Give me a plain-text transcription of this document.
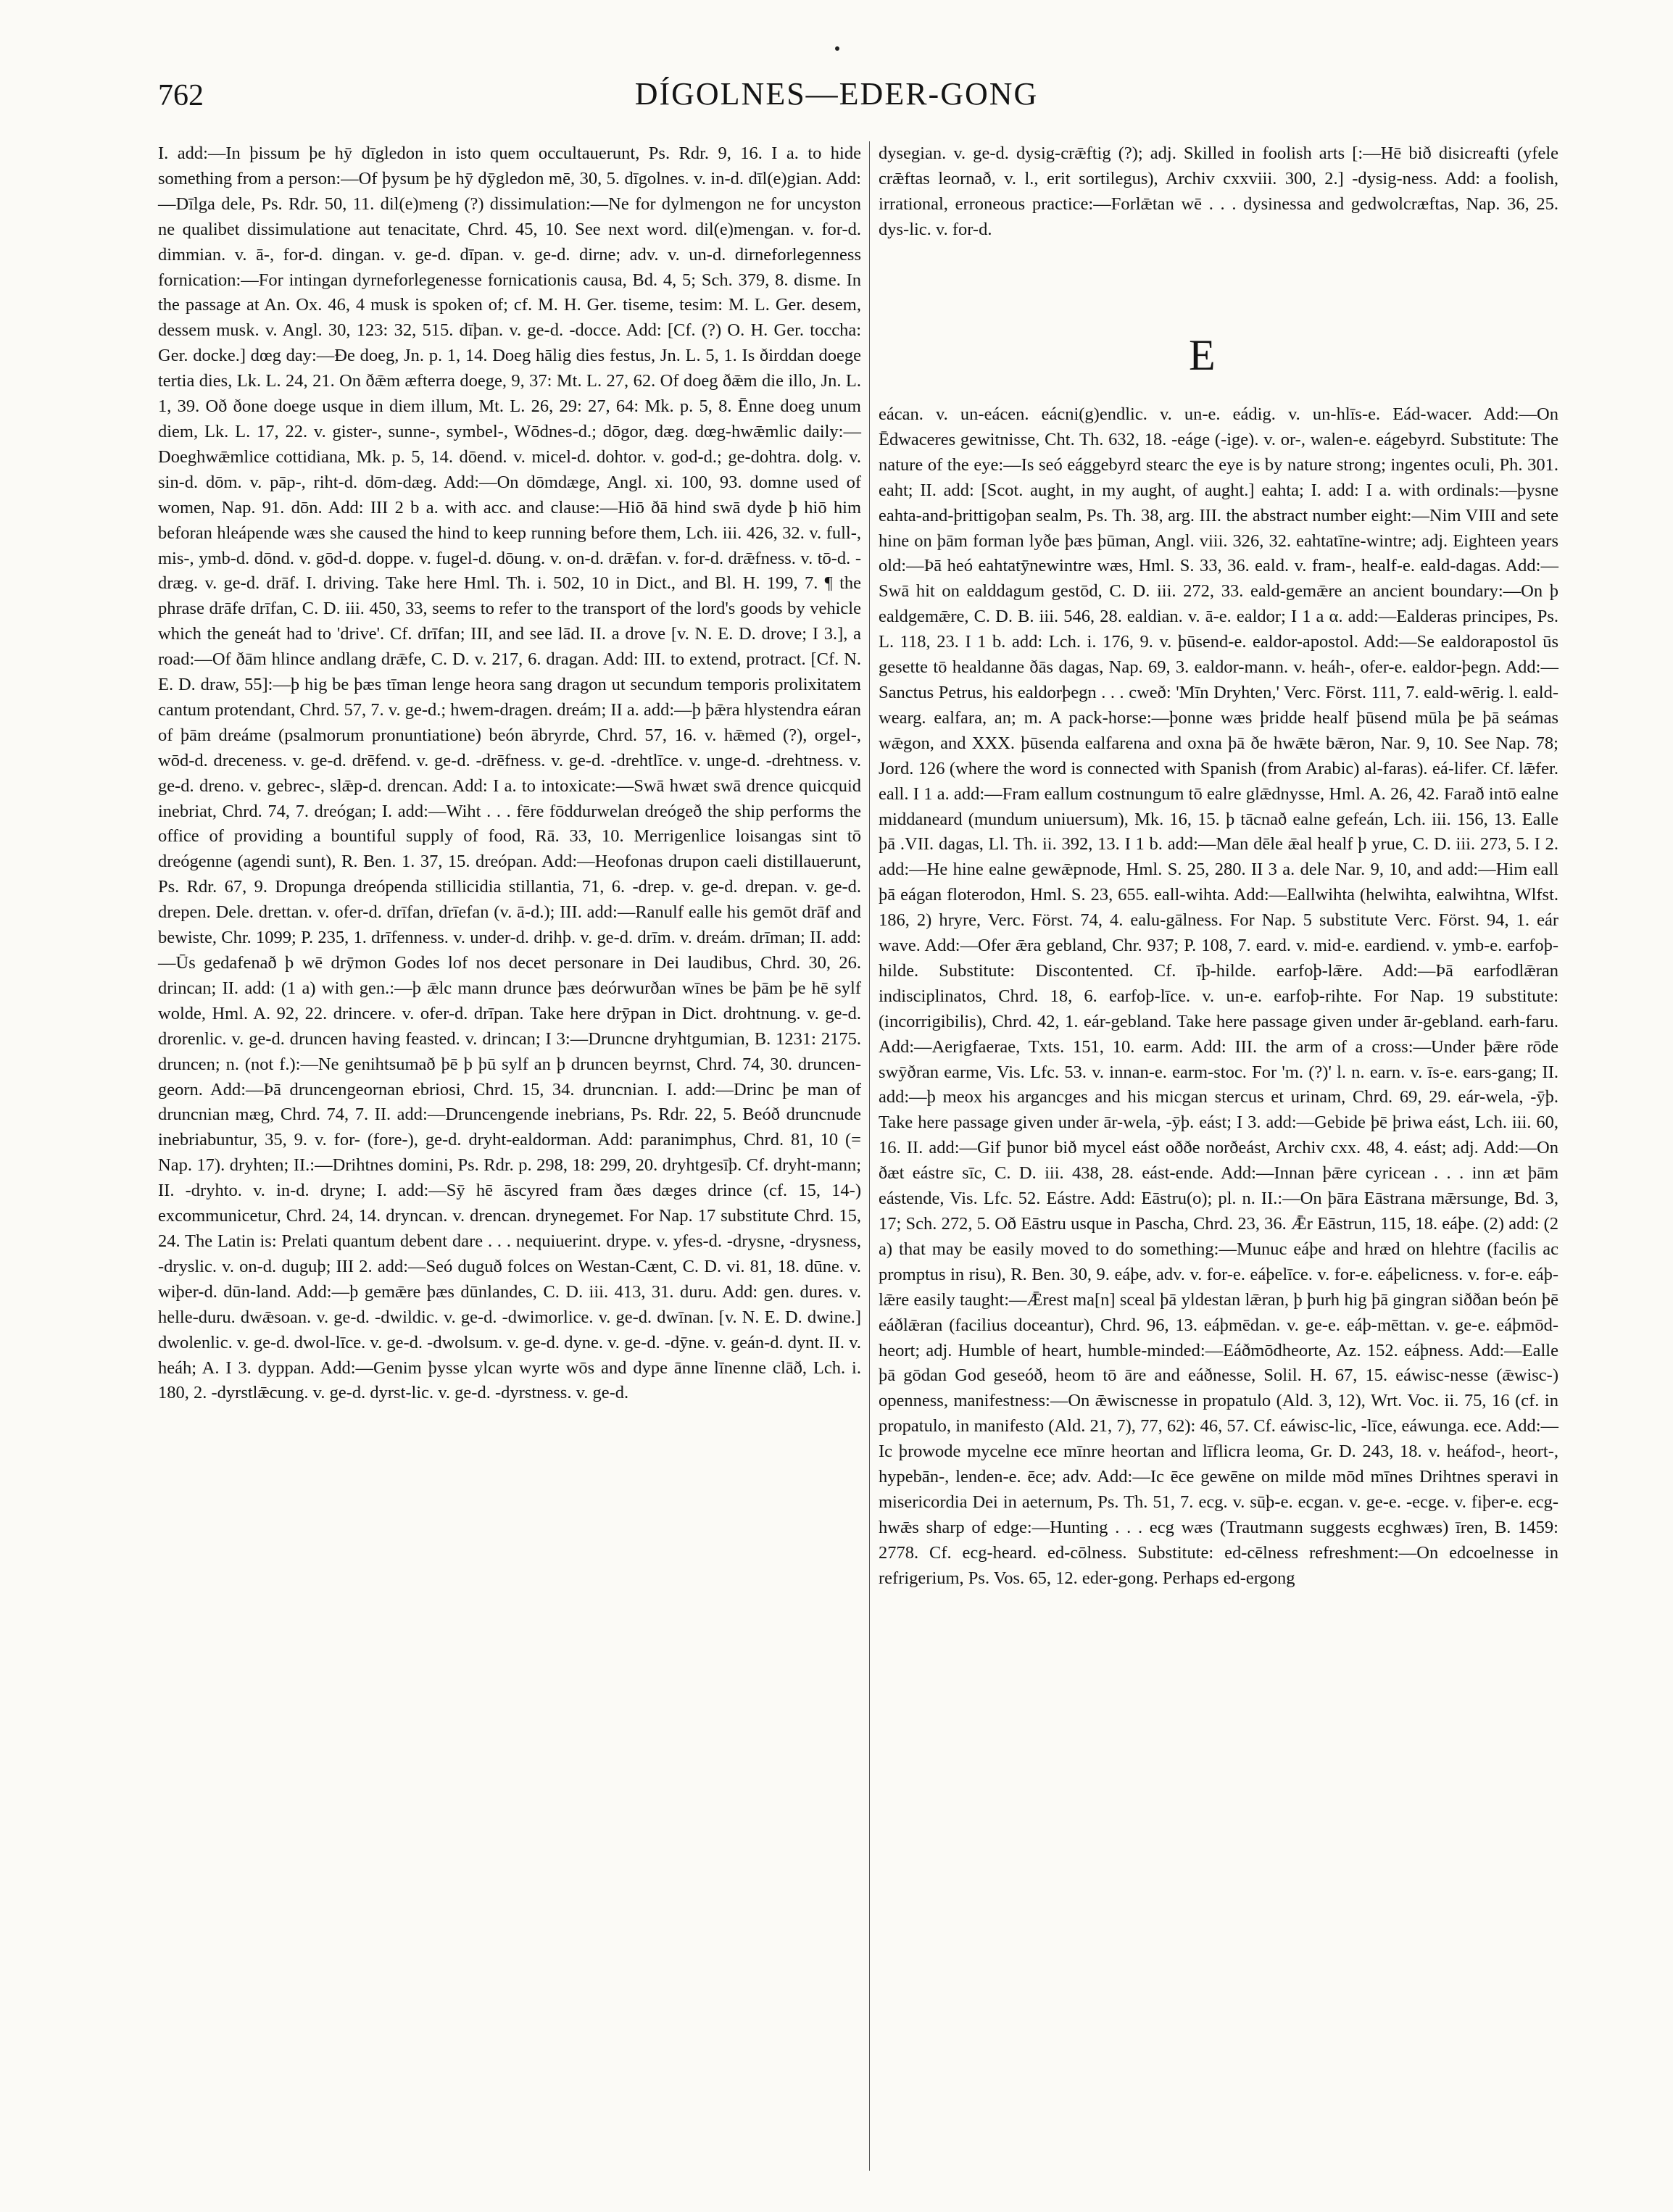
762	DÍGOLNES—EDER-GONG

I. add:—In þissum þe hȳ dīgledon in isto quem occultauerunt, Ps. Rdr. 9, 16. I a. to hide something from a person:—Of þysum þe hȳ dȳgledon mē, 30, 5. dīgolnes. v. in-d. dīl(e)gian. Add:—Dīlga dele, Ps. Rdr. 50, 11. dil(e)meng (?) dissimulation:—Ne for dylmengon ne for uncyston ne qualibet dissimulatione aut tenacitate, Chrd. 45, 10. See next word. dil(e)mengan. v. for-d. dimmian. v. ā-, for-d. dingan. v. ge-d. dīpan. v. ge-d. dirne; adv. v. un-d. dirneforlegenness fornication:—For intingan dyrneforlegenesse fornicationis causa, Bd. 4, 5; Sch. 379, 8. disme. In the passage at An. Ox. 46, 4 musk is spoken of; cf. M. H. Ger. tiseme, tesim: M. L. Ger. desem, dessem musk. v. Angl. 30, 123: 32, 515. dīþan. v. ge-d. -docce. Add: [Cf. (?) O. H. Ger. toccha: Ger. docke.] dœg day:—Ðe doeg, Jn. p. 1, 14. Doeg hālig dies festus, Jn. L. 5, 1. Is ðirddan doege tertia dies, Lk. L. 24, 21. On ðǣm æfterra doege, 9, 37: Mt. L. 27, 62. Of doeg ðǣm die illo, Jn. L. 1, 39. Oð ðone doege usque in diem illum, Mt. L. 26, 29: 27, 64: Mk. p. 5, 8. Ēnne doeg unum diem, Lk. L. 17, 22. v. gister-, sunne-, symbel-, Wōdnes-d.; dōgor, dæg. dœg-hwǣmlic daily:—Doeghwǣmlice cottidiana, Mk. p. 5, 14. dōend. v. micel-d. dohtor. v. god-d.; ge-dohtra. dolg. v. sin-d. dōm. v. pāp-, riht-d. dōm-dæg. Add:—On dōmdæge, Angl. xi. 100, 93. domne used of women, Nap. 91. dōn. Add: III 2 b a. with acc. and clause:—Hiō ðā hind swā dyde þ hiō him beforan hleápende wæs she caused the hind to keep running before them, Lch. iii. 426, 32. v. full-, mis-, ymb-d. dōnd. v. gōd-d. doppe. v. fugel-d. dōung. v. on-d. drǣfan. v. for-d. drǣfness. v. tō-d. -dræg. v. ge-d. drāf. I. driving. Take here Hml. Th. i. 502, 10 in Dict., and Bl. H. 199, 7. ¶ the phrase drāfe drīfan, C. D. iii. 450, 33, seems to refer to the transport of the lord's goods by vehicle which the geneát had to 'drive'. Cf. drīfan; III, and see lād. II. a drove [v. N. E. D. drove; I 3.], a road:—Of ðām hlince andlang drǣfe, C. D. v. 217, 6. dragan. Add: III. to extend, protract. [Cf. N. E. D. draw, 55]:—þ hig be þæs tīman lenge heora sang dragon ut secundum temporis prolixitatem cantum protendant, Chrd. 57, 7. v. ge-d.; hwem-dragen. dreám; II a. add:—þ þǣra hlystendra eáran of þām dreáme (psalmorum pronuntiatione) beón ābryrde, Chrd. 57, 16. v. hǣmed (?), orgel-, wōd-d. dreceness. v. ge-d. drēfend. v. ge-d. -drēfness. v. ge-d. -drehtlīce. v. unge-d. -drehtness. v. ge-d. dreno. v. gebrec-, slǣp-d. drencan. Add: I a. to intoxicate:—Swā hwæt swā drence quicquid inebriat, Chrd. 74, 7. dreógan; I. add:—Wiht . . . fēre fōddurwelan dreógeð the ship performs the office of providing a bountiful supply of food, Rā. 33, 10. Merrigenlice loisangas sint tō dreógenne (agendi sunt), R. Ben. 1. 37, 15. dreópan. Add:—Heofonas drupon caeli distillauerunt, Ps. Rdr. 67, 9. Dropunga dreópenda stillicidia stillantia, 71, 6. -drep. v. ge-d. drepan. v. ge-d. drepen. Dele. drettan. v. ofer-d. drīfan, drīefan (v. ā-d.); III. add:—Ranulf ealle his gemōt drāf and bewiste, Chr. 1099; P. 235, 1. drīfenness. v. under-d. drihþ. v. ge-d. drīm. v. dreám. drīman; II. add:—Ūs gedafenað þ wē drȳmon Godes lof nos decet personare in Dei laudibus, Chrd. 30, 26. drincan; II. add: (1 a) with gen.:—þ ǣlc mann drunce þæs deórwurðan wīnes be þām þe hē sylf wolde, Hml. A. 92, 22. drincere. v. ofer-d. drīpan. Take here drȳpan in Dict. drohtnung. v. ge-d. drorenlic. v. ge-d. druncen having feasted. v. drincan; I 3:—Druncne dryhtgumian, B. 1231: 2175. druncen; n. (not f.):—Ne genihtsumað þē þ þū sylf an þ druncen beyrnst, Chrd. 74, 30. druncen-georn. Add:—Þā druncengeornan ebriosi, Chrd. 15, 34. druncnian. I. add:—Drinc þe man of druncnian mæg, Chrd. 74, 7. II. add:—Druncengende inebrians, Ps. Rdr. 22, 5. Beóð druncnude inebriabuntur, 35, 9. v. for- (fore-), ge-d. dryht-ealdorman. Add: paranimphus, Chrd. 81, 10 (= Nap. 17). dryhten; II.:—Drihtnes domini, Ps. Rdr. p. 298, 18: 299, 20. dryhtgesīþ. Cf. dryht-mann; II. -dryhto. v. in-d. dryne; I. add:—Sȳ hē āscyred fram ðæs dæges drince (cf. 15, 14-) excommunicetur, Chrd. 24, 14. dryncan. v. drencan. drynegemet. For Nap. 17 substitute Chrd. 15, 24. The Latin is: Prelati quantum debent dare . . . nequiuerint. drype. v. yfes-d. -drysne, -drysness, -dryslic. v. on-d. duguþ; III 2. add:—Seó duguð folces on Westan-Cænt, C. D. vi. 81, 18. dūne. v. wiþer-d. dūn-land. Add:—þ gemǣre þæs dūnlandes, C. D. iii. 413, 31. duru. Add: gen. dures. v. helle-duru. dwǣsoan. v. ge-d. -dwildic. v. ge-d. -dwimorlice. v. ge-d. dwīnan. [v. N. E. D. dwine.] dwolenlic. v. ge-d. dwol-līce. v. ge-d. -dwolsum. v. ge-d. dyne. v. ge-d. -dȳne. v. geán-d. dynt. II. v. heáh; A. I 3. dyppan. Add:—Genim þysse ylcan wyrte wōs and dype ānne līnenne clāð, Lch. i. 180, 2. -dyrstlǣcung. v. ge-d. dyrst-lic. v. ge-d. -dyrstness. v. ge-d.

dysegian. v. ge-d. dysig-crǣftig (?); adj. Skilled in foolish arts [:—Hē bið disicreafti (yfele crǣftas leornað, v. l., erit sortilegus), Archiv cxxviii. 300, 2.] -dysig-ness. Add: a foolish, irrational, erroneous practice:—Forlǣtan wē . . . dysinessa and gedwolcræftas, Nap. 36, 25. dys-lic. v. for-d.

E

eácan. v. un-eácen. eácni(g)endlic. v. un-e. eádig. v. un-hlīs-e. Eád-wacer. Add:—On Ēdwaceres gewitnisse, Cht. Th. 632, 18. -eáge (-ige). v. or-, walen-e. eágebyrd. Substitute: The nature of the eye:—Is seó eággebyrd stearc the eye is by nature strong; ingentes oculi, Ph. 301. eaht; II. add: [Scot. aught, in my aught, of aught.] eahta; I. add: I a. with ordinals:—þysne eahta-and-þrittigoþan sealm, Ps. Th. 38, arg. III. the abstract number eight:—Nim VIII and sete hine on þām forman lyðe þæs þūman, Angl. viii. 326, 32. eahtatīne-wintre; adj. Eighteen years old:—Þā heó eahtatȳnewintre wæs, Hml. S. 33, 36. eald. v. fram-, healf-e. eald-dagas. Add:—Swā hit on ealddagum gestōd, C. D. iii. 272, 33. eald-gemǣre an ancient boundary:—On þ ealdgemǣre, C. D. B. iii. 546, 28. ealdian. v. ā-e. ealdor; I 1 a α. add:—Ealderas principes, Ps. L. 118, 23. I 1 b. add: Lch. i. 176, 9. v. þūsend-e. ealdor-apostol. Add:—Se ealdorapostol ūs gesette tō healdanne ðās dagas, Nap. 69, 3. ealdor-mann. v. heáh-, ofer-e. ealdor-þegn. Add:—Sanctus Petrus, his ealdorþegn . . . cweð: 'Mīn Dryhten,' Verc. Först. 111, 7. eald-wērig. l. eald-wearg. ealfara, an; m. A pack-horse:—þonne wæs þridde healf þūsend mūla þe þā seámas wǣgon, and XXX. þūsenda ealfarena and oxna þā ðe hwǣte bǣron, Nar. 9, 10. See Nap. 78; Jord. 126 (where the word is connected with Spanish (from Arabic) al-faras). eá-lifer. Cf. lǣfer. eall. I 1 a. add:—Fram eallum costnungum tō ealre glǣdnysse, Hml. A. 26, 42. Farað intō ealne middaneard (mundum uniuersum), Mk. 16, 15. þ tācnað ealne gefeán, Lch. iii. 156, 13. Ealle þā .VII. dagas, Ll. Th. ii. 392, 13. I 1 b. add:—Man dēle ǣal healf þ yrue, C. D. iii. 273, 5. I 2. add:—He hine ealne gewǣpnode, Hml. S. 25, 280. II 3 a. dele Nar. 9, 10, and add:—Him eall þā eágan floterodon, Hml. S. 23, 655. eall-wihta. Add:—Eallwihta (helwihta, ealwihtna, Wlfst. 186, 2) hryre, Verc. Först. 74, 4. ealu-gālness. For Nap. 5 substitute Verc. Först. 94, 1. eár wave. Add:—Ofer ǣra gebland, Chr. 937; P. 108, 7. eard. v. mid-e. eardiend. v. ymb-e. earfoþ-hilde. Substitute: Discontented. Cf. īþ-hilde. earfoþ-lǣre. Add:—Þā earfodlǣran indisciplinatos, Chrd. 18, 6. earfoþ-līce. v. un-e. earfoþ-rihte. For Nap. 19 substitute: (incorrigibilis), Chrd. 42, 1. eár-gebland. Take here passage given under ār-gebland. earh-faru. Add:—Aerigfaerae, Txts. 151, 10. earm. Add: III. the arm of a cross:—Under þǣre rōde swȳðran earme, Vis. Lfc. 53. v. innan-e. earm-stoc. For 'm. (?)' l. n. earn. v. īs-e. ears-gang; II. add:—þ meox his argancges and his micgan stercus et urinam, Chrd. 69, 29. eár-wela, -ȳþ. Take here passage given under ār-wela, -ȳþ. eást; I 3. add:—Gebide þē þriwa eást, Lch. iii. 60, 16. II. add:—Gif þunor bið mycel eást oððe norðeást, Archiv cxx. 48, 4. eást; adj. Add:—On ðæt eástre sīc, C. D. iii. 438, 28. eást-ende. Add:—Innan þǣre cyricean . . . inn æt þām eástende, Vis. Lfc. 52. Eástre. Add: Eāstru(o); pl. n. II.:—On þāra Eāstrana mǣrsunge, Bd. 3, 17; Sch. 272, 5. Oð Eāstru usque in Pascha, Chrd. 23, 36. Ǣr Eāstrun, 115, 18. eáþe. (2) add: (2 a) that may be easily moved to do something:—Munuc eáþe and hræd on hlehtre (facilis ac promptus in risu), R. Ben. 30, 9. eáþe, adv. v. for-e. eáþelīce. v. for-e. eáþelicness. v. for-e. eáþ-lǣre easily taught:—Ǣrest ma[n] sceal þā yldestan lǣran, þ þurh hig þā gingran siððan beón þē eáðlǣran (facilius doceantur), Chrd. 96, 13. eáþmēdan. v. ge-e. eáþ-mēttan. v. ge-e. eáþmōd-heort; adj. Humble of heart, humble-minded:—Eáðmōdheorte, Az. 152. eáþness. Add:—Ealle þā gōdan God geseóð, heom tō āre and eáðnesse, Solil. H. 67, 15. eáwisc-nesse (ǣwisc-) openness, manifestness:—On ǣwiscnesse in propatulo (Ald. 3, 12), Wrt. Voc. ii. 75, 16 (cf. in propatulo, in manifesto (Ald. 21, 7), 77, 62): 46, 57. Cf. eáwisc-lic, -līce, eáwunga. ece. Add:—Ic þrowode mycelne ece mīnre heortan and līflicra leoma, Gr. D. 243, 18. v. heáfod-, heort-, hypebān-, lenden-e. ēce; adv. Add:—Ic ēce gewēne on milde mōd mīnes Drihtnes speravi in misericordia Dei in aeternum, Ps. Th. 51, 7. ecg. v. sūþ-e. ecgan. v. ge-e. -ecge. v. fiþer-e. ecg-hwǣs sharp of edge:—Hunting . . . ecg wæs (Trautmann suggests ecghwæs) īren, B. 1459: 2778. Cf. ecg-heard. ed-cōlness. Substitute: ed-cēlness refreshment:—On edcoelnesse in refrigerium, Ps. Vos. 65, 12. eder-gong. Perhaps ed-ergong
